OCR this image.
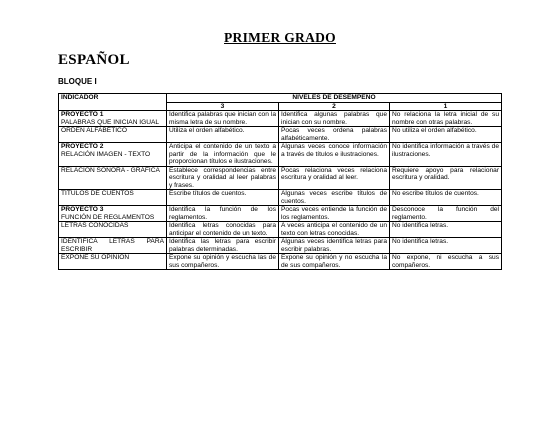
PRIMER GRADO
ESPAÑOL
BLOQUE I
INDICADOR	NIVELES DE DESEMPEÑO		
	3	2	1

PROYECTO 1
PALABRAS QUE INICIAN IGUAL	Identifica palabras que inician con la misma letra de su nombre.	Identifica algunas palabras que inician con su nombre.	No relaciona la letra inicial de su nombre con otras palabras.

ORDEN ALFABÉTICO	Utiliza el orden alfabético.	Pocas veces ordena palabras alfabéticamente.	No utiliza el orden alfabético.

PROYECTO 2
RELACIÓN IMAGEN - TEXTO	Anticipa el contenido de un texto a partir de la información que le proporcionan títulos e ilustraciones.	Algunas veces conoce información a través de títulos e ilustraciones.	No identifica información a través de ilustraciones.

RELACIÓN SONORA - GRÁFICA	Establece correspondencias entre escritura y oralidad al leer palabras y frases.	Pocas relaciona veces relaciona escritura y oralidad al leer.	Requiere apoyo para relacionar escritura y oralidad.

TÍTULOS DE CUENTOS	Escribe títulos de cuentos.	Algunas veces escribe títulos de cuentos.	No escribe títulos de cuentos.

PROYECTO 3
FUNCIÓN DE REGLAMENTOS	Identifica la función de los reglamentos.	Pocas veces entiende la función de los reglamentos.	Desconoce la función del reglamento.

LETRAS CONOCIDAS	Identifica letras conocidas para anticipar el contenido de un texto.	A veces anticipa el contenido de un texto con letras conocidas.	No identifica letras.

IDENTIFICA LETRAS PARA ESCRIBIR	Identifica las letras para escribir palabras determinadas.	Algunas veces identifica letras para escribir palabras.	No identifica letras.

EXPONE SU OPINIÓN	Expone su opinión y escucha las de sus compañeros.	Expone su opinión y no escucha la de sus compañeros.	No expone, ni escucha a sus compañeros.
